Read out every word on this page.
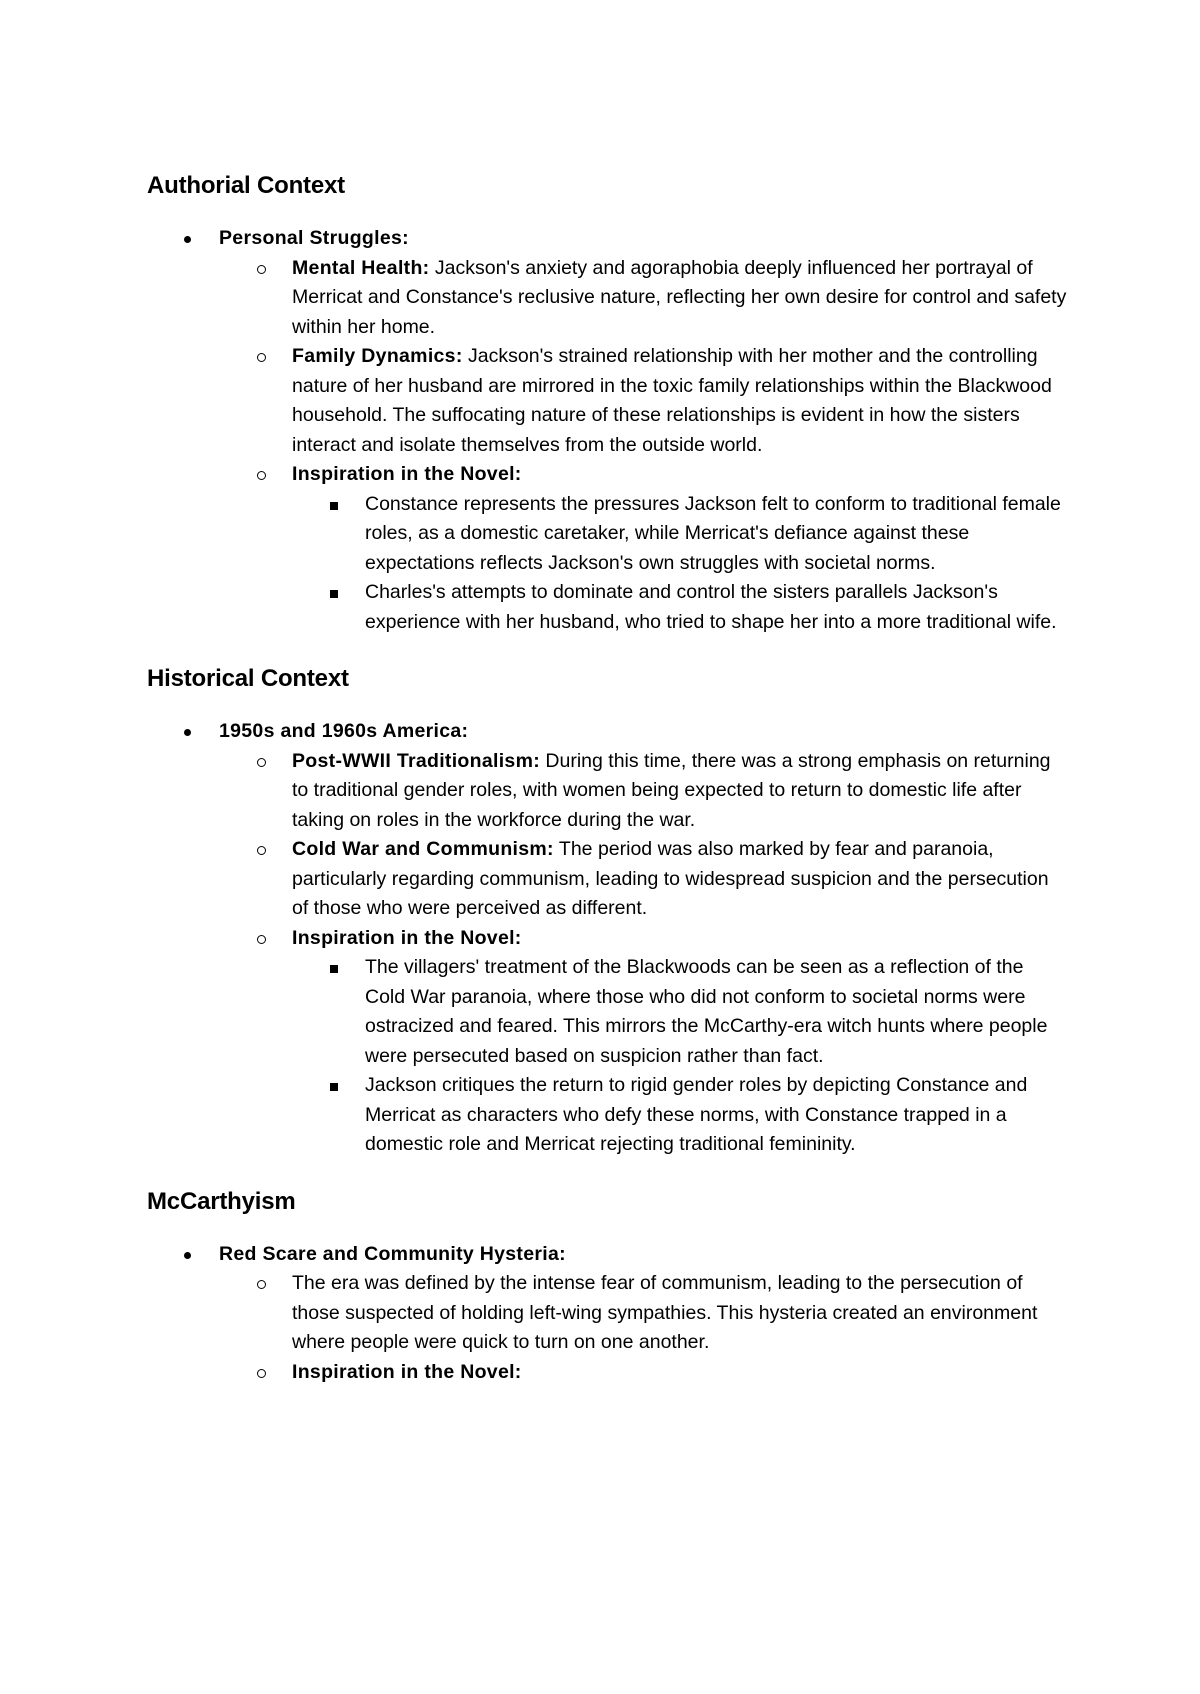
Authorial Context
Personal Struggles:
Mental Health: Jackson's anxiety and agoraphobia deeply influenced her portrayal of Merricat and Constance's reclusive nature, reflecting her own desire for control and safety within her home.
Family Dynamics: Jackson's strained relationship with her mother and the controlling nature of her husband are mirrored in the toxic family relationships within the Blackwood household. The suffocating nature of these relationships is evident in how the sisters interact and isolate themselves from the outside world.
Inspiration in the Novel:
Constance represents the pressures Jackson felt to conform to traditional female roles, as a domestic caretaker, while Merricat's defiance against these expectations reflects Jackson's own struggles with societal norms.
Charles's attempts to dominate and control the sisters parallels Jackson's experience with her husband, who tried to shape her into a more traditional wife.
Historical Context
1950s and 1960s America:
Post-WWII Traditionalism: During this time, there was a strong emphasis on returning to traditional gender roles, with women being expected to return to domestic life after taking on roles in the workforce during the war.
Cold War and Communism: The period was also marked by fear and paranoia, particularly regarding communism, leading to widespread suspicion and the persecution of those who were perceived as different.
Inspiration in the Novel:
The villagers' treatment of the Blackwoods can be seen as a reflection of the Cold War paranoia, where those who did not conform to societal norms were ostracized and feared. This mirrors the McCarthy-era witch hunts where people were persecuted based on suspicion rather than fact.
Jackson critiques the return to rigid gender roles by depicting Constance and Merricat as characters who defy these norms, with Constance trapped in a domestic role and Merricat rejecting traditional femininity.
McCarthyism
Red Scare and Community Hysteria:
The era was defined by the intense fear of communism, leading to the persecution of those suspected of holding left-wing sympathies. This hysteria created an environment where people were quick to turn on one another.
Inspiration in the Novel:
